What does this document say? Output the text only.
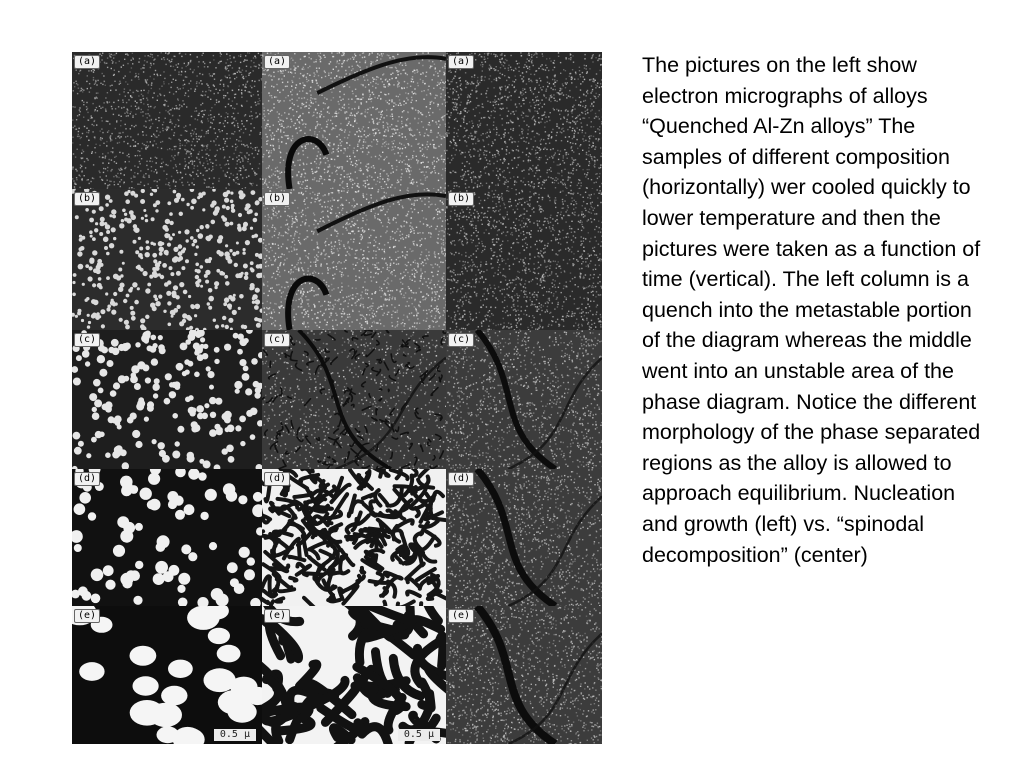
(a)	(a)	(a)
(b)	(b)	(b)
(c)	(c)	(c)
(d)	(d)	(d)
(e)
0.5 μ
(e)
0.5 μ
(e)

The pictures on the left show electron micrographs of alloys “Quenched Al-Zn alloys” The samples of different composition (horizontally) wer cooled quickly to lower temperature and then the pictures were taken as a function of time (vertical). The left column is a quench into the metastable portion of the diagram whereas the middle went into an unstable area of the phase diagram. Notice the different morphology of the phase separated regions as the alloy is allowed to approach equilibrium. Nucleation and growth (left) vs. “spinodal decomposition” (center)
